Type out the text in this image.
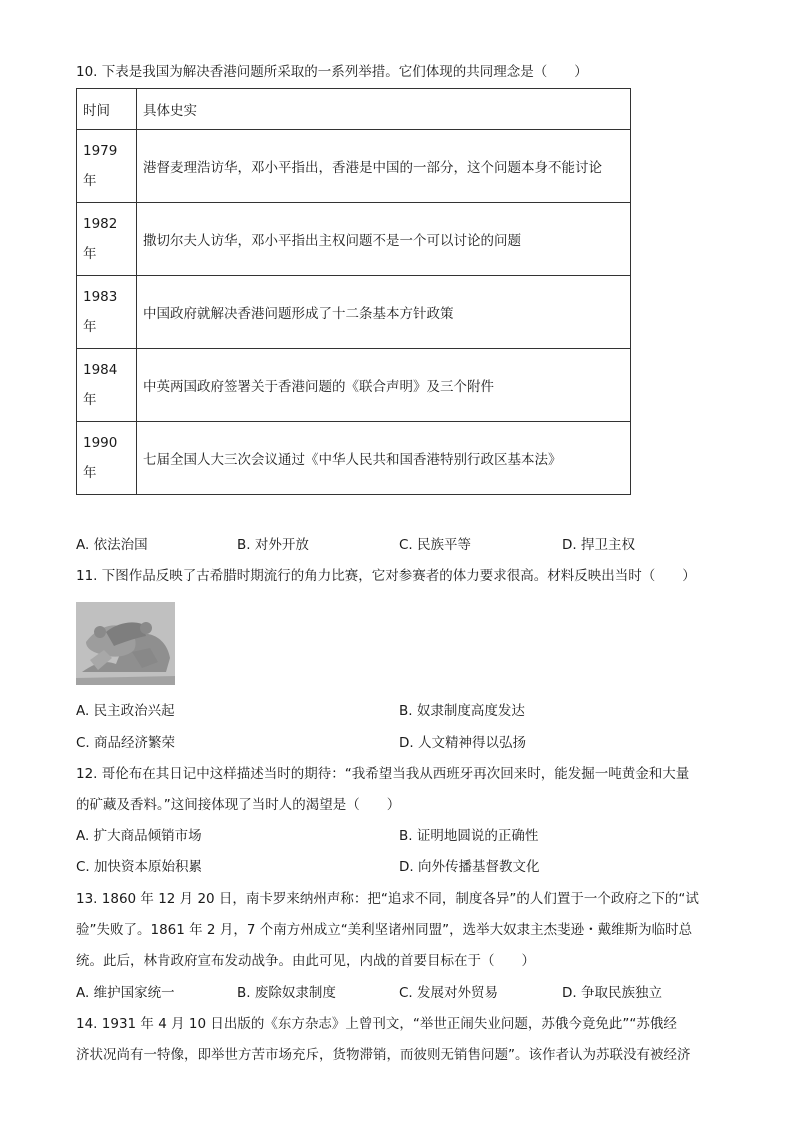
10. 下表是我国为解决香港问题所采取的一系列举措。它们体现的共同理念是（　　）
时间	具体史实
1979
年	港督麦理浩访华，邓小平指出，香港是中国的一部分，这个问题本身不能讨论
1982
年	撒切尔夫人访华，邓小平指出主权问题不是一个可以讨论的问题
1983
年	中国政府就解决香港问题形成了十二条基本方针政策
1984
年	中英两国政府签署关于香港问题的《联合声明》及三个附件
1990
年	七届全国人大三次会议通过《中华人民共和国香港特别行政区基本法》
A. 依法治国	B. 对外开放	C. 民族平等	D. 捍卫主权
11. 下图作品反映了古希腊时期流行的角力比赛，它对参赛者的体力要求很高。材料反映出当时（　　）
A. 民主政治兴起	B. 奴隶制度高度发达
C. 商品经济繁荣	D. 人文精神得以弘扬
12. 哥伦布在其日记中这样描述当时的期待：“我希望当我从西班牙再次回来时，能发掘一吨黄金和大量
的矿藏及香料。”这间接体现了当时人的渴望是（　　）
A. 扩大商品倾销市场	B. 证明地圆说的正确性
C. 加快资本原始积累	D. 向外传播基督教文化
13. 1860 年 12 月 20 日，南卡罗来纳州声称：把“追求不同，制度各异”的人们置于一个政府之下的“试
验”失败了。1861 年 2 月，7 个南方州成立“美利坚诸州同盟”，选举大奴隶主杰斐逊・戴维斯为临时总
统。此后，林肯政府宣布发动战争。由此可见，内战的首要目标在于（　　）
A. 维护国家统一	B. 废除奴隶制度	C. 发展对外贸易	D. 争取民族独立
14. 1931 年 4 月 10 日出版的《东方杂志》上曾刊文，“举世正闹失业问题，苏俄今竟免此”“苏俄经
济状况尚有一特像，即举世方苦市场充斥，货物滞销，而彼则无销售问题”。该作者认为苏联没有被经济
